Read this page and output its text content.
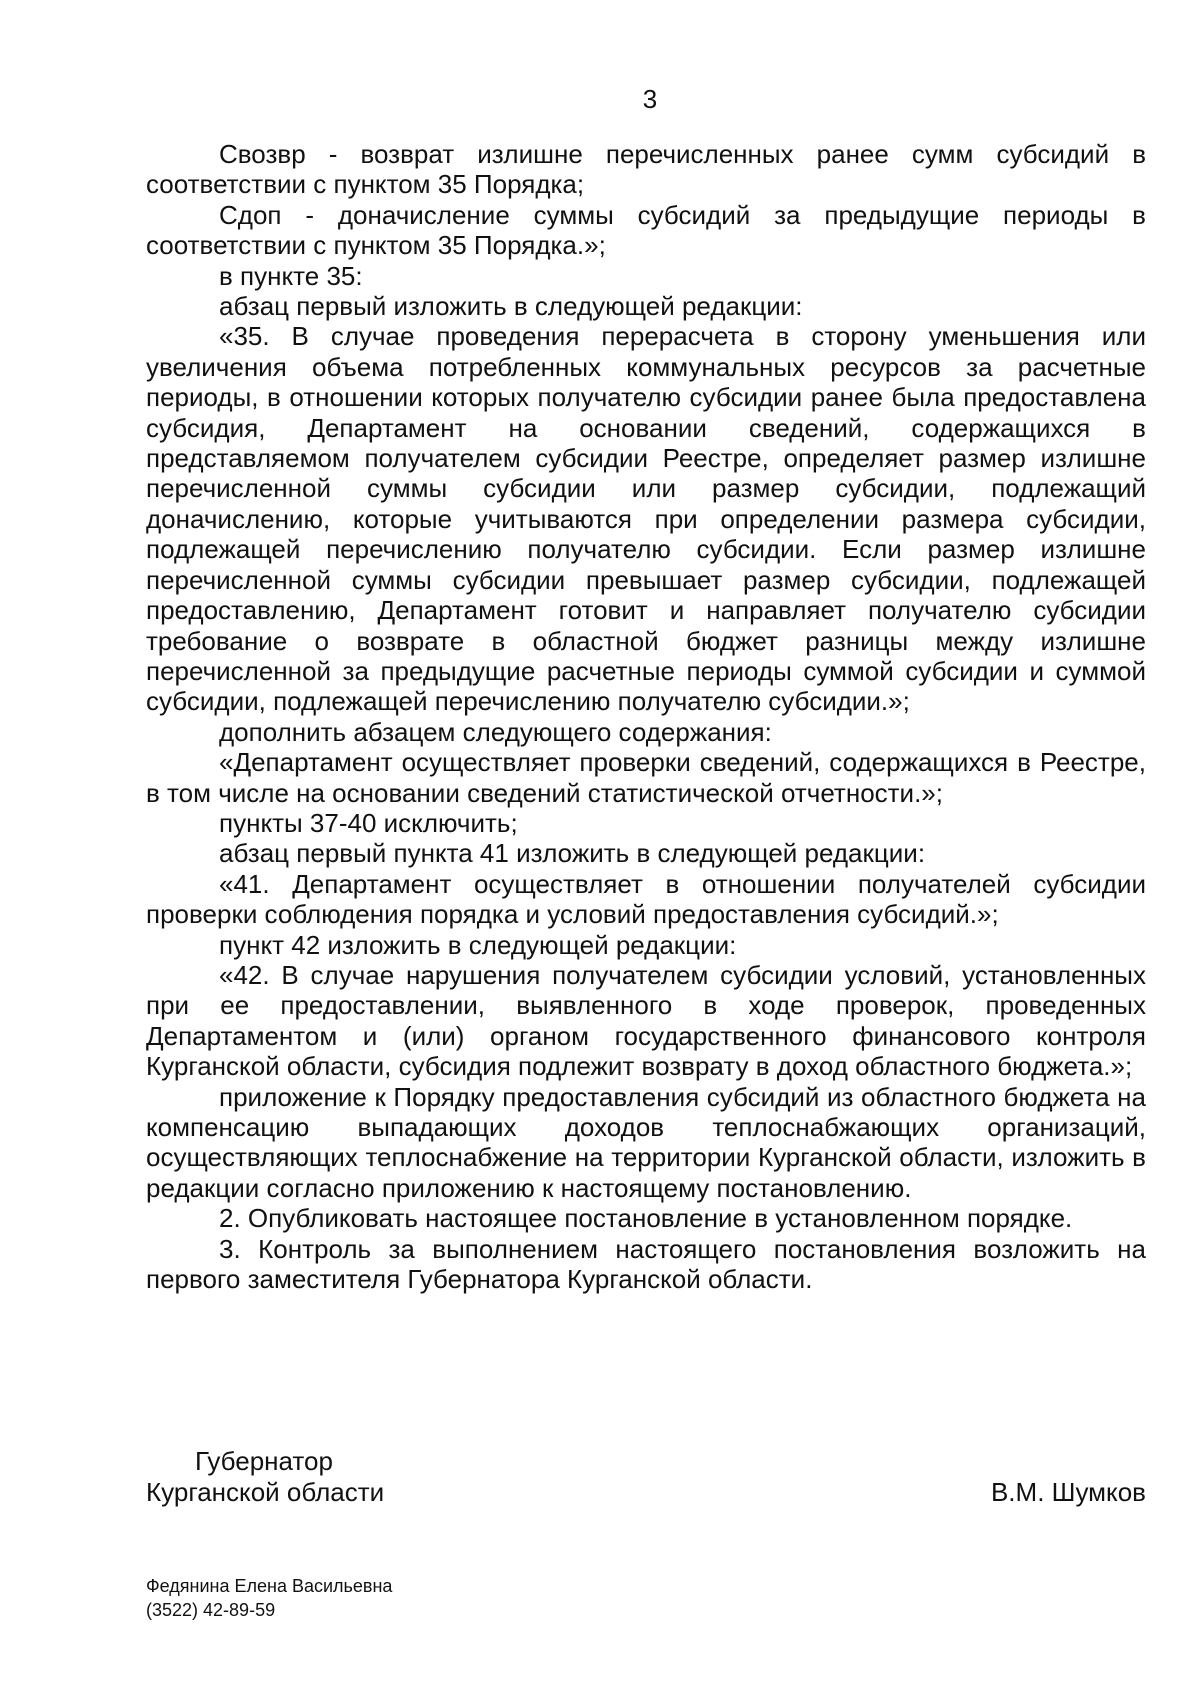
3

Свозвр - возврат излишне перечисленных ранее сумм субсидий в соответствии с пунктом 35 Порядка;

Сдоп - доначисление суммы субсидий за предыдущие периоды в соответствии с пунктом 35 Порядка.»;

в пункте 35:

абзац первый изложить в следующей редакции:

«35. В случае проведения перерасчета в сторону уменьшения или увеличения объема потребленных коммунальных ресурсов за расчетные периоды, в отношении которых получателю субсидии ранее была предоставлена субсидия, Департамент на основании сведений, содержащихся в представляемом получателем субсидии Реестре, определяет размер излишне перечисленной суммы субсидии или размер субсидии, подлежащий доначислению, которые учитываются при определении размера субсидии, подлежащей перечислению получателю субсидии. Если размер излишне перечисленной суммы субсидии превышает размер субсидии, подлежащей предоставлению, Департамент готовит и направляет получателю субсидии требование о возврате в областной бюджет разницы между излишне перечисленной за предыдущие расчетные периоды суммой субсидии и суммой субсидии, подлежащей перечислению получателю субсидии.»;

дополнить абзацем следующего содержания:

«Департамент осуществляет проверки сведений, содержащихся в Реестре, в том числе на основании сведений статистической отчетности.»;

пункты 37-40 исключить;

абзац первый пункта 41 изложить в следующей редакции:

«41. Департамент осуществляет в отношении получателей субсидии проверки соблюдения порядка и условий предоставления субсидий.»;

пункт 42 изложить в следующей редакции:

«42. В случае нарушения получателем субсидии условий, установленных при ее предоставлении, выявленного в ходе проверок, проведенных Департаментом и (или) органом государственного финансового контроля Курганской области, субсидия подлежит возврату в доход областного бюджета.»;

приложение к Порядку предоставления субсидий из областного бюджета на компенсацию выпадающих доходов теплоснабжающих организаций, осуществляющих теплоснабжение на территории Курганской области, изложить в редакции согласно приложению к настоящему постановлению.

2. Опубликовать настоящее постановление в установленном порядке.

3. Контроль за выполнением настоящего постановления возложить на первого заместителя Губернатора Курганской области.

Губернатор

Курганской области	В.М. Шумков
Федянина Елена Васильевна
(3522) 42-89-59
